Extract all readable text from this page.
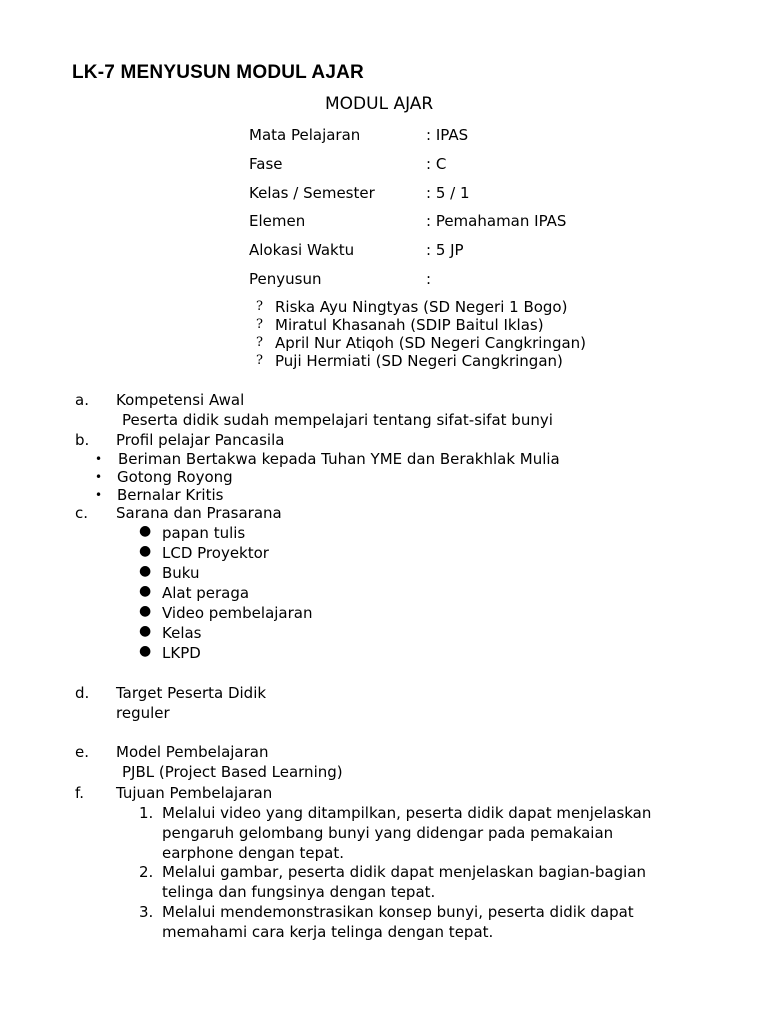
LK-7 MENYUSUN MODUL AJAR
MODUL AJAR
Mata Pelajaran	: IPAS
Fase	: C
Kelas / Semester	: 5 / 1
Elemen	: Pemahaman IPAS
Alokasi Waktu	: 5 JP
Penyusun	:
? Riska Ayu Ningtyas (SD Negeri 1 Bogo)
? Miratul Khasanah (SDIP Baitul Iklas)
? April Nur Atiqoh (SD Negeri Cangkringan)
? Puji Hermiati (SD Negeri Cangkringan)
a. Kompetensi Awal
Peserta didik sudah mempelajari tentang sifat-sifat bunyi
b. Profil pelajar Pancasila
• Beriman Bertakwa kepada Tuhan YME dan Berakhlak Mulia
• Gotong Royong
• Bernalar Kritis
c. Sarana dan Prasarana
● papan tulis
● LCD Proyektor
● Buku
● Alat peraga
● Video pembelajaran
● Kelas
● LKPD
d. Target Peserta Didik
reguler
e. Model Pembelajaran
PJBL (Project Based Learning)
f. Tujuan Pembelajaran
1. Melalui video yang ditampilkan, peserta didik dapat menjelaskan
pengaruh gelombang bunyi yang didengar pada pemakaian
earphone dengan tepat.
2. Melalui gambar, peserta didik dapat menjelaskan bagian-bagian
telinga dan fungsinya dengan tepat.
3. Melalui mendemonstrasikan konsep bunyi, peserta didik dapat
memahami cara kerja telinga dengan tepat.
